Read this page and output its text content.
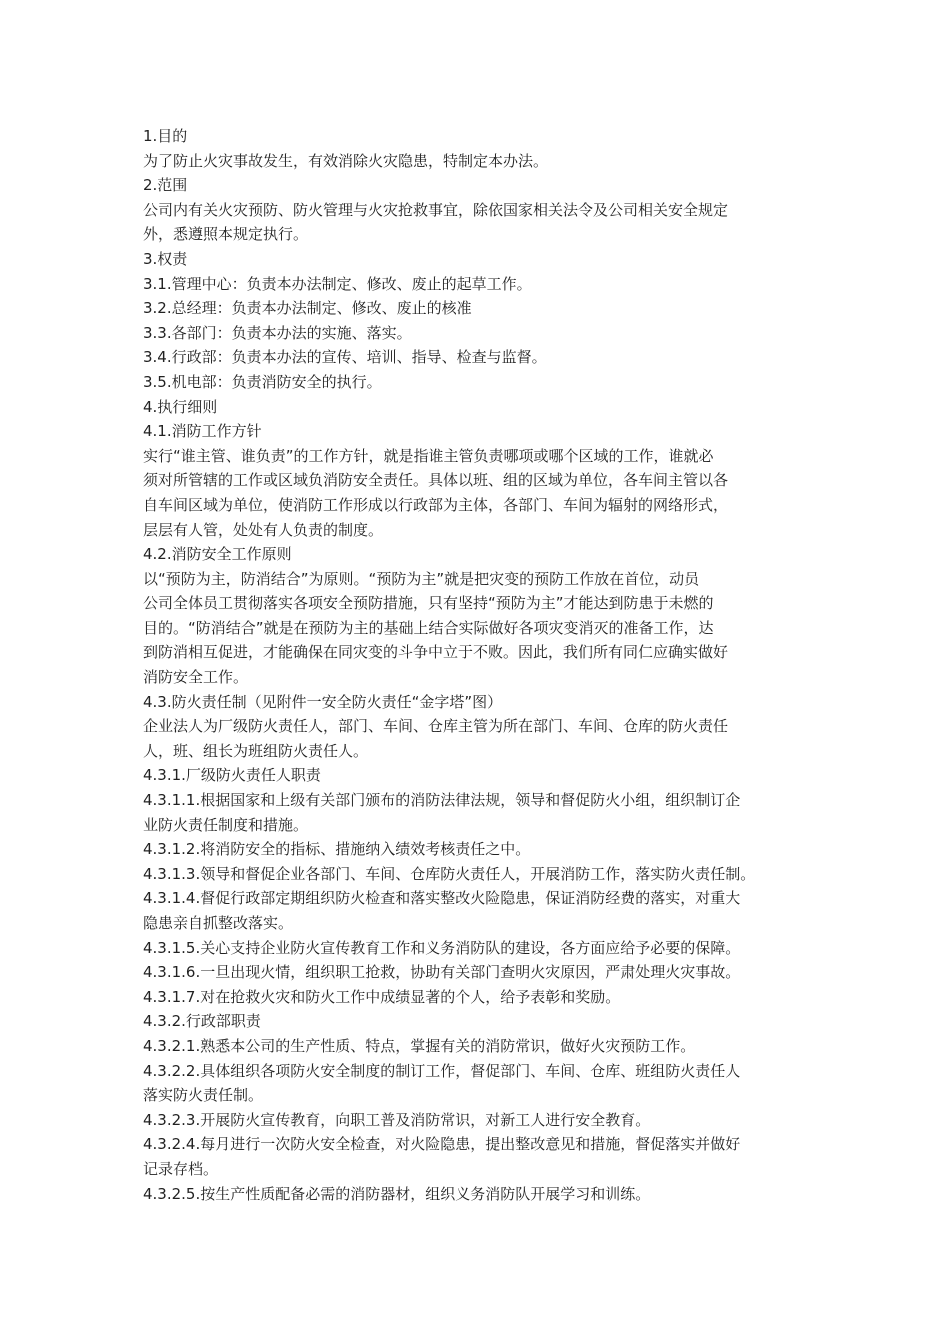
1.目的
为了防止火灾事故发生，有效消除火灾隐患，特制定本办法。
2.范围
公司内有关火灾预防、防火管理与火灾抢救事宜，除依国家相关法令及公司相关安全规定
外，悉遵照本规定执行。
3.权责
3.1.管理中心：负责本办法制定、修改、废止的起草工作。
3.2.总经理：负责本办法制定、修改、废止的核准
3.3.各部门：负责本办法的实施、落实。
3.4.行政部：负责本办法的宣传、培训、指导、检查与监督。
3.5.机电部：负责消防安全的执行。
4.执行细则
4.1.消防工作方针
实行“谁主管、谁负责”的工作方针，就是指谁主管负责哪项或哪个区域的工作，谁就必
须对所管辖的工作或区域负消防安全责任。具体以班、组的区域为单位，各车间主管以各
自车间区域为单位，使消防工作形成以行政部为主体，各部门、车间为辐射的网络形式，
层层有人管，处处有人负责的制度。
4.2.消防安全工作原则
以“预防为主，防消结合”为原则。“预防为主”就是把灾变的预防工作放在首位，动员
公司全体员工贯彻落实各项安全预防措施，只有坚持“预防为主”才能达到防患于未燃的
目的。“防消结合”就是在预防为主的基础上结合实际做好各项灾变消灭的准备工作，达
到防消相互促进，才能确保在同灾变的斗争中立于不败。因此，我们所有同仁应确实做好
消防安全工作。
4.3.防火责任制（见附件一安全防火责任“金字塔”图）
企业法人为厂级防火责任人，部门、车间、仓库主管为所在部门、车间、仓库的防火责任
人，班、组长为班组防火责任人。
4.3.1.厂级防火责任人职责
4.3.1.1.根据国家和上级有关部门颁布的消防法律法规，领导和督促防火小组，组织制订企
业防火责任制度和措施。
4.3.1.2.将消防安全的指标、措施纳入绩效考核责任之中。
4.3.1.3.领导和督促企业各部门、车间、仓库防火责任人，开展消防工作，落实防火责任制。
4.3.1.4.督促行政部定期组织防火检查和落实整改火险隐患，保证消防经费的落实，对重大
隐患亲自抓整改落实。
4.3.1.5.关心支持企业防火宣传教育工作和义务消防队的建设，各方面应给予必要的保障。
4.3.1.6.一旦出现火情，组织职工抢救，协助有关部门查明火灾原因，严肃处理火灾事故。
4.3.1.7.对在抢救火灾和防火工作中成绩显著的个人，给予表彰和奖励。
4.3.2.行政部职责
4.3.2.1.熟悉本公司的生产性质、特点，掌握有关的消防常识，做好火灾预防工作。
4.3.2.2.具体组织各项防火安全制度的制订工作，督促部门、车间、仓库、班组防火责任人
落实防火责任制。
4.3.2.3.开展防火宣传教育，向职工普及消防常识，对新工人进行安全教育。
4.3.2.4.每月进行一次防火安全检查，对火险隐患，提出整改意见和措施，督促落实并做好
记录存档。
4.3.2.5.按生产性质配备必需的消防器材，组织义务消防队开展学习和训练。
